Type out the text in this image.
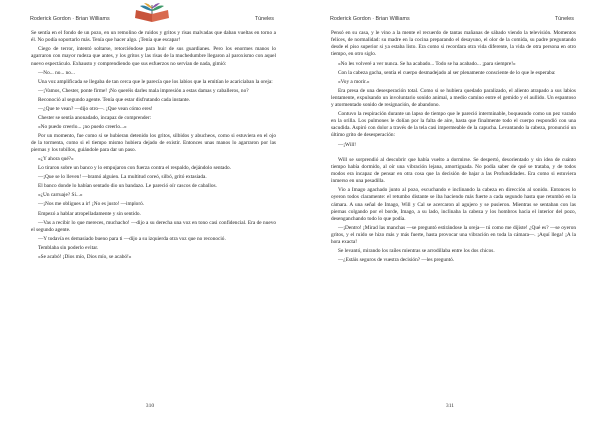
Roderick Gordon · Brian Williams	Túneles

Se sentía en el fondo de un pozo, en un remolino de ruidos y gritos y risas malvadas que daban vueltas en torno a él. No podía soportarlo más. Tenía que hacer algo. ¡Tenía que escapar!

Ciego de terror, intentó soltarse, retorciéndose para huir de sus guardianes. Pero los enormes manos lo agarraron con mayor rudeza que antes, y los gritos y las risas de la muchedumbre llegaron al paroxismo con aquel nuevo espectáculo. Exhausto y comprendiendo que sus esfuerzos no servían de nada, gimió:

—No... no... no...

Una voz amplificada se llegaba de tan cerca que le parecía que los labios que la emitían le acariciaban la oreja:

—¡Vamos, Chester, ponte firme! ¡No queréis darles mala impresión a estas damas y caballeros, no?

Reconoció al segundo agente. Tenía que estar disfrutando cada instante.

—¿Que te vean? —dijo otro—. ¡Que vean cómo eres!

Chester se sentía anonadado, incapaz de comprender:

«No puedo creerlo... ¡no puedo creerlo...»

Por un momento, fue como si se hubieran detenido los gritos, silbidos y abucheos, como si estuviera en el ojo de la tormenta, como si el tiempo mismo hubiera dejado de existir. Entonces unas manos lo agarraron por las piernas y los tobillos, guiándole para dar un paso.

«¿Y ahora qué?»

Lo tiraron sobre un banco y lo empujaron con fuerza contra el respaldo, dejándolo sentado.

—¡Que se lo lleven! —bramó alguien. La multitud coreó, silbó, gritó extasiada.

El banco donde lo habían sentado dio un bandazo. Le pareció oír cascos de caballos.

«¿Un carruaje? Sí...»

—¡Nos me obligues a ir! ¡No es justo! —imploró.

Empezó a hablar atropelladamente y sin sentido.

—Vas a recibir lo que mereces, muchacho! —dijo a su derecha una voz en tono casi confidencial. Era de nuevo el segundo agente.

—Y todavía es demasiado bueno para ti —dijo a su izquierda otra voz que no reconoció.

Temblaba sin poderlo evitar.

«Se acabó! ¡Dios mío, Dios mío, se acabó!»

310
Roderick Gordon · Brian Williams	Túneles

Pensó en su casa, y le vino a la mente el recuerdo de tantas mañanas de sábado viendo la televisión. Momentos felices, de normalidad: su madre en la cocina preparando el desayuno, el olor de la comida, su padre preguntando desde el piso superior si ya estaba listo. Era como si recordara otra vida diferente, la vida de otra persona en otro tiempo, en otro siglo.

«No les volveré a ver nunca. Se ha acabado... Todo se ha acabado... ¡para siempre!»

Con la cabeza gacha, sentía el cuerpo desmadejado al ser plenamente consciente de lo que le esperaba:

«Voy a morir.»

Era presa de una desesperación total. Como si se hubiera quedado paralizado, el aliento atrapado a sus labios lentamente, expulsando un involuntario sonido animal, a medio camino entre el gemido y el aullido. Un espantoso y atormentado sonido de resignación, de abandono.

Contuvo la respiración durante un lapso de tiempo que le pareció interminable, boqueando como un pez varado en la orilla. Los pulmones le dolían por la falta de aire, hasta que finalmente todo el cuerpo respondió con una sacudida. Aspiró con dolor a través de la tela casi impermeable de la capucha. Levantando la cabeza, pronunció un último grito de desesperación:

—¡Will!

Will se sorprendió al descubrir que había vuelto a dormirse. Se despertó, desorientado y sin idea de cuánto tiempo había dormido, al oír una vibración lejana, amortiguada. No podía saber de qué se trataba, y de todos modos era incapaz de pensar en otra cosa que la decisión de bajar a las Profundidades. Era como si estuviera inmerso en una pesadilla.

Vio a Imago agachado junto al pozo, escuchando e inclinando la cabeza en dirección al sonido. Entonces lo oyeron todos claramente: el retumbo distante se iba haciendo más fuerte a cada segundo hasta que retumbó en la cámara. A una señal de Imago, Will y Cal se acercaron al agujero y se pusieron. Mientras se sentaban con las piernas colgando por el borde, Imago, a su lado, inclinaba la cabeza y los hombros hacia el interior del pozo, desenganchando todo lo que podía.

—¡Dentro! ¡Mirad las manchas —se preguntó estirándose la oreja— tú como me dijiste! ¿Qué es? —se oyeron gritos, y el ruido se hizo más y más fuerte, hasta provocar una vibración en toda la cámara—. ¡Aquí llega! ¡A la hora exacta!

Se levantó, mirando los raíles mientras se arrodillaba entre los dos chicos.

—¿Estáis seguros de vuestra decisión? —les preguntó.

311
